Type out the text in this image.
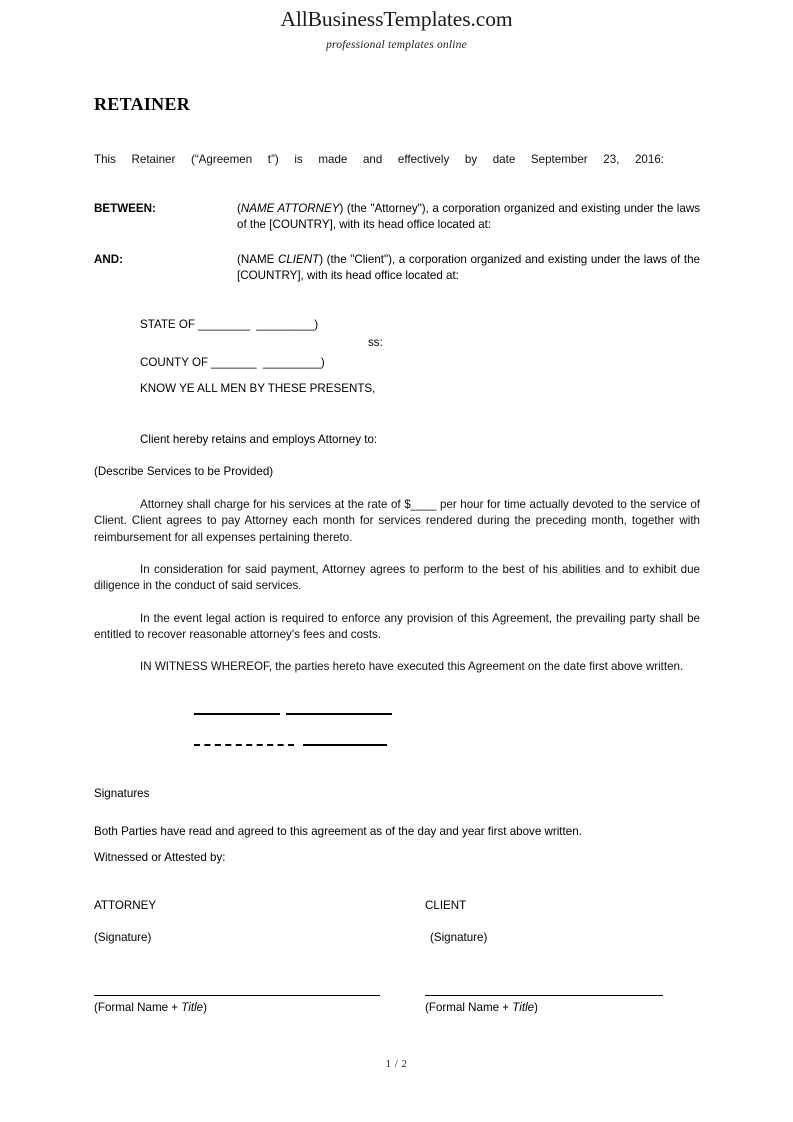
AllBusinessTemplates.com
professional templates online
RETAINER
This Retainer (“Agreemen t”) is made and effectively by date September 23, 2016:
BETWEEN:	(NAME ATTORNEY) (the "Attorney"), a corporation organized and existing under the laws of the [COUNTRY], with its head office located at:
AND:	(NAME CLIENT) (the "Client"), a corporation organized and existing under the laws of the [COUNTRY], with its head office located at:
STATE OF ________ _________)
ss:
COUNTY OF _______ _________)
KNOW YE ALL MEN BY THESE PRESENTS,
Client hereby retains and employs Attorney to:
(Describe Services to be Provided)
Attorney shall charge for his services at the rate of $____ per hour for time actually devoted to the service of Client. Client agrees to pay Attorney each month for services rendered during the preceding month, together with reimbursement for all expenses pertaining thereto.
In consideration for said payment, Attorney agrees to perform to the best of his abilities and to exhibit due diligence in the conduct of said services.
In the event legal action is required to enforce any provision of this Agreement, the prevailing party shall be entitled to recover reasonable attorney's fees and costs.
IN WITNESS WHEREOF, the parties hereto have executed this Agreement on the date first above written.

Signatures
Both Parties have read and agreed to this agreement as of the day and year first above written.
Witnessed or Attested by:
ATTORNEY
(Signature)
(Formal Name + Title)
CLIENT
(Signature)
(Formal Name + Title)
1 / 2
